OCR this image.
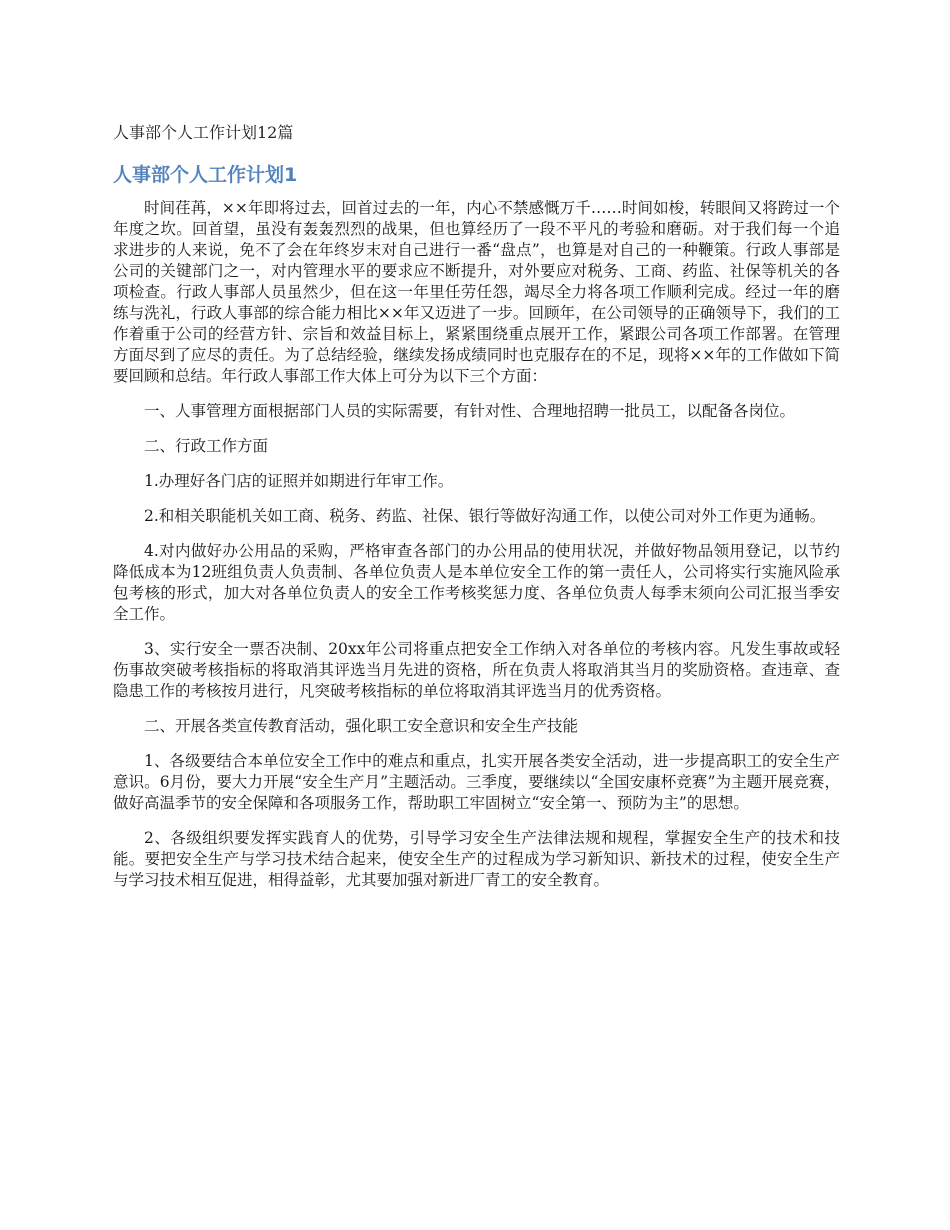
人事部个人工作计划12篇
人事部个人工作计划1

时间荏苒，××年即将过去，回首过去的一年，内心不禁感慨万千……时间如梭，转眼间又将跨过一个年度之坎。回首望，虽没有轰轰烈烈的战果，但也算经历了一段不平凡的考验和磨砺。对于我们每一个追求进步的人来说，免不了会在年终岁末对自己进行一番“盘点”，也算是对自己的一种鞭策。行政人事部是公司的关键部门之一，对内管理水平的要求应不断提升，对外要应对税务、工商、药监、社保等机关的各项检查。行政人事部人员虽然少，但在这一年里任劳任怨，竭尽全力将各项工作顺利完成。经过一年的磨练与洗礼，行政人事部的综合能力相比××年又迈进了一步。回顾年，在公司领导的正确领导下，我们的工作着重于公司的经营方针、宗旨和效益目标上，紧紧围绕重点展开工作，紧跟公司各项工作部署。在管理方面尽到了应尽的责任。为了总结经验，继续发扬成绩同时也克服存在的不足，现将××年的工作做如下简要回顾和总结。年行政人事部工作大体上可分为以下三个方面：

一、人事管理方面根据部门人员的实际需要，有针对性、合理地招聘一批员工，以配备各岗位。

二、行政工作方面

1.办理好各门店的证照并如期进行年审工作。

2.和相关职能机关如工商、税务、药监、社保、银行等做好沟通工作，以使公司对外工作更为通畅。

4.对内做好办公用品的采购，严格审查各部门的办公用品的使用状况，并做好物品领用登记，以节约降低成本为12班组负责人负责制、各单位负责人是本单位安全工作的第一责任人，公司将实行实施风险承包考核的形式，加大对各单位负责人的安全工作考核奖惩力度、各单位负责人每季末须向公司汇报当季安全工作。

3、实行安全一票否决制、20xx年公司将重点把安全工作纳入对各单位的考核内容。凡发生事故或轻伤事故突破考核指标的将取消其评选当月先进的资格，所在负责人将取消其当月的奖励资格。查违章、查隐患工作的考核按月进行，凡突破考核指标的单位将取消其评选当月的优秀资格。

二、开展各类宣传教育活动，强化职工安全意识和安全生产技能

1、各级要结合本单位安全工作中的难点和重点，扎实开展各类安全活动，进一步提高职工的安全生产意识。6月份，要大力开展“安全生产月”主题活动。三季度，要继续以“全国安康杯竞赛”为主题开展竞赛，做好高温季节的安全保障和各项服务工作，帮助职工牢固树立“安全第一、预防为主”的思想。

2、各级组织要发挥实践育人的优势，引导学习安全生产法律法规和规程，掌握安全生产的技术和技能。要把安全生产与学习技术结合起来，使安全生产的过程成为学习新知识、新技术的过程，使安全生产与学习技术相互促进，相得益彰，尤其要加强对新进厂青工的安全教育。
